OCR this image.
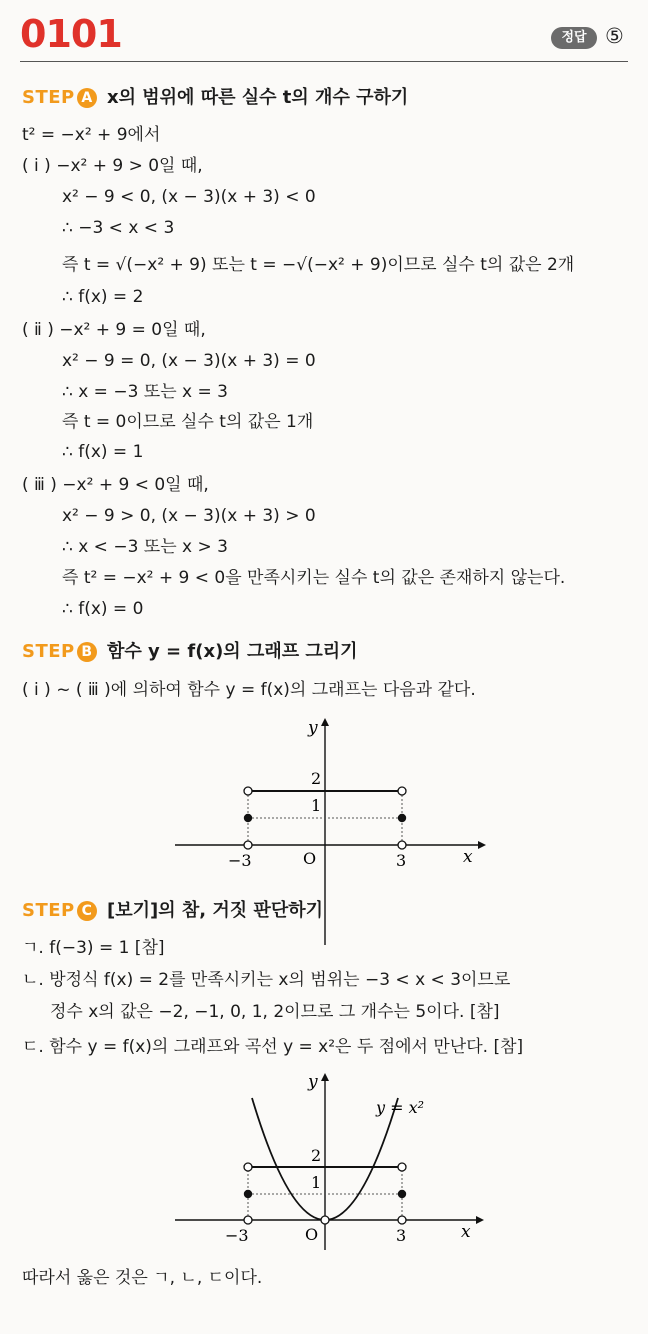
0101	정답 ⑤
STEP A x의 범위에 따른 실수 t의 개수 구하기
t² = −x² + 9에서
( ⅰ ) −x² + 9 > 0일 때,
x² − 9 < 0, (x − 3)(x + 3) < 0
∴ −3 < x < 3
즉 t = √(−x² + 9) 또는 t = −√(−x² + 9)이므로 실수 t의 값은 2개
∴ f(x) = 2
( ⅱ ) −x² + 9 = 0일 때,
x² − 9 = 0, (x − 3)(x + 3) = 0
∴ x = −3 또는 x = 3
즉 t = 0이므로 실수 t의 값은 1개
∴ f(x) = 1
( ⅲ ) −x² + 9 < 0일 때,
x² − 9 > 0, (x − 3)(x + 3) > 0
∴ x < −3 또는 x > 3
즉 t² = −x² + 9 < 0을 만족시키는 실수 t의 값은 존재하지 않는다.
∴ f(x) = 0
STEP B 함수 y = f(x)의 그래프 그리기
( ⅰ ) ~ ( ⅲ )에 의하여 함수 y = f(x)의 그래프는 다음과 같다.
x
y
O
−3	3
1
2
STEP C [보기]의 참, 거짓 판단하기
ㄱ. f(−3) = 1 [참]
ㄴ. 방정식 f(x) = 2를 만족시키는 x의 범위는 −3 < x < 3이므로
정수 x의 값은 −2, −1, 0, 1, 2이므로 그 개수는 5이다. [참]
ㄷ. 함수 y = f(x)의 그래프와 곡선 y = x²은 두 점에서 만난다. [참]
y = x²
x
y
O
−3	3
1
2
따라서 옳은 것은 ㄱ, ㄴ, ㄷ이다.
